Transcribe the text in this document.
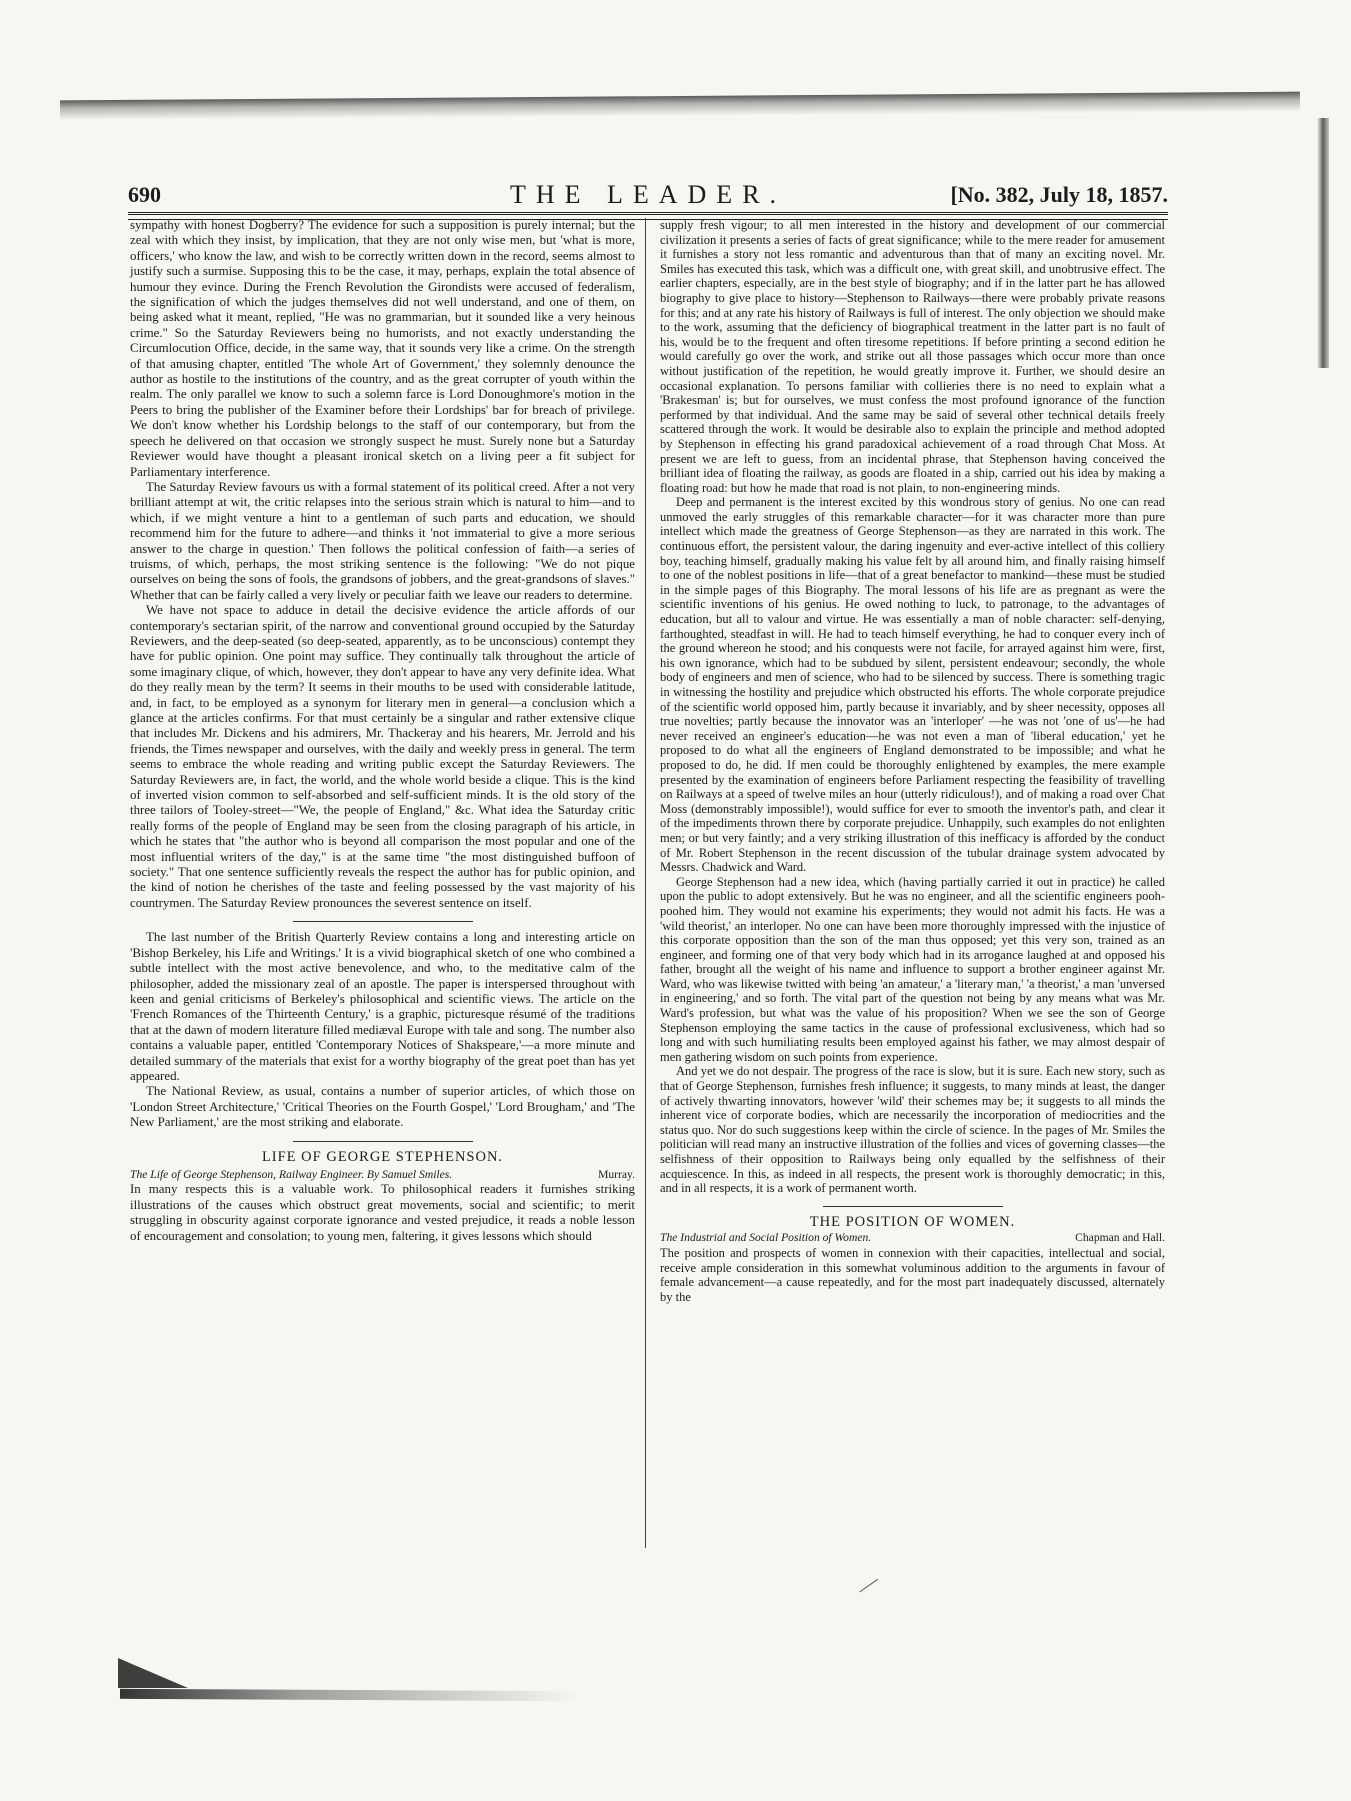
690	THE LEADER.	[No. 382, July 18, 1857.

sympathy with honest Dogberry? The evidence for such a supposition is purely internal; but the zeal with which they insist, by implication, that they are not only wise men, but 'what is more, officers,' who know the law, and wish to be correctly written down in the record, seems almost to justify such a surmise. Supposing this to be the case, it may, perhaps, explain the total absence of humour they evince. During the French Revolution the Girondists were accused of federalism, the signification of which the judges themselves did not well understand, and one of them, on being asked what it meant, replied, "He was no grammarian, but it sounded like a very heinous crime." So the Saturday Reviewers being no humorists, and not exactly understanding the Circumlocution Office, decide, in the same way, that it sounds very like a crime. On the strength of that amusing chapter, entitled 'The whole Art of Government,' they solemnly denounce the author as hostile to the institutions of the country, and as the great corrupter of youth within the realm. The only parallel we know to such a solemn farce is Lord Donoughmore's motion in the Peers to bring the publisher of the Examiner before their Lordships' bar for breach of privilege. We don't know whether his Lordship belongs to the staff of our contemporary, but from the speech he delivered on that occasion we strongly suspect he must. Surely none but a Saturday Reviewer would have thought a pleasant ironical sketch on a living peer a fit subject for Parliamentary interference.

The Saturday Review favours us with a formal statement of its political creed. After a not very brilliant attempt at wit, the critic relapses into the serious strain which is natural to him—and to which, if we might venture a hint to a gentleman of such parts and education, we should recommend him for the future to adhere—and thinks it 'not immaterial to give a more serious answer to the charge in question.' Then follows the political confession of faith—a series of truisms, of which, perhaps, the most striking sentence is the following: "We do not pique ourselves on being the sons of fools, the grandsons of jobbers, and the great-grandsons of slaves." Whether that can be fairly called a very lively or peculiar faith we leave our readers to determine.

We have not space to adduce in detail the decisive evidence the article affords of our contemporary's sectarian spirit, of the narrow and conventional ground occupied by the Saturday Reviewers, and the deep-seated (so deep-seated, apparently, as to be unconscious) contempt they have for public opinion. One point may suffice. They continually talk throughout the article of some imaginary clique, of which, however, they don't appear to have any very definite idea. What do they really mean by the term? It seems in their mouths to be used with considerable latitude, and, in fact, to be employed as a synonym for literary men in general—a conclusion which a glance at the articles confirms. For that must certainly be a singular and rather extensive clique that includes Mr. Dickens and his admirers, Mr. Thackeray and his hearers, Mr. Jerrold and his friends, the Times newspaper and ourselves, with the daily and weekly press in general. The term seems to embrace the whole reading and writing public except the Saturday Reviewers. The Saturday Reviewers are, in fact, the world, and the whole world beside a clique. This is the kind of inverted vision common to self-absorbed and self-sufficient minds. It is the old story of the three tailors of Tooley-street—"We, the people of England," &c. What idea the Saturday critic really forms of the people of England may be seen from the closing paragraph of his article, in which he states that "the author who is beyond all comparison the most popular and one of the most influential writers of the day," is at the same time "the most distinguished buffoon of society." That one sentence sufficiently reveals the respect the author has for public opinion, and the kind of notion he cherishes of the taste and feeling possessed by the vast majority of his countrymen. The Saturday Review pronounces the severest sentence on itself.

The last number of the British Quarterly Review contains a long and interesting article on 'Bishop Berkeley, his Life and Writings.' It is a vivid biographical sketch of one who combined a subtle intellect with the most active benevolence, and who, to the meditative calm of the philosopher, added the missionary zeal of an apostle. The paper is interspersed throughout with keen and genial criticisms of Berkeley's philosophical and scientific views. The article on the 'French Romances of the Thirteenth Century,' is a graphic, picturesque résumé of the traditions that at the dawn of modern literature filled mediæval Europe with tale and song. The number also contains a valuable paper, entitled 'Contemporary Notices of Shakspeare,'—a more minute and detailed summary of the materials that exist for a worthy biography of the great poet than has yet appeared.

The National Review, as usual, contains a number of superior articles, of which those on 'London Street Architecture,' 'Critical Theories on the Fourth Gospel,' 'Lord Brougham,' and 'The New Parliament,' are the most striking and elaborate.

LIFE OF GEORGE STEPHENSON.
The Life of George Stephenson, Railway Engineer. By Samuel Smiles.	Murray.

In many respects this is a valuable work. To philosophical readers it furnishes striking illustrations of the causes which obstruct great movements, social and scientific; to merit struggling in obscurity against corporate ignorance and vested prejudice, it reads a noble lesson of encouragement and consolation; to young men, faltering, it gives lessons which should

supply fresh vigour; to all men interested in the history and development of our commercial civilization it presents a series of facts of great significance; while to the mere reader for amusement it furnishes a story not less romantic and adventurous than that of many an exciting novel. Mr. Smiles has executed this task, which was a difficult one, with great skill, and unobtrusive effect. The earlier chapters, especially, are in the best style of biography; and if in the latter part he has allowed biography to give place to history—Stephenson to Railways—there were probably private reasons for this; and at any rate his history of Railways is full of interest. The only objection we should make to the work, assuming that the deficiency of biographical treatment in the latter part is no fault of his, would be to the frequent and often tiresome repetitions. If before printing a second edition he would carefully go over the work, and strike out all those passages which occur more than once without justification of the repetition, he would greatly improve it. Further, we should desire an occasional explanation. To persons familiar with collieries there is no need to explain what a 'Brakesman' is; but for ourselves, we must confess the most profound ignorance of the function performed by that individual. And the same may be said of several other technical details freely scattered through the work. It would be desirable also to explain the principle and method adopted by Stephenson in effecting his grand paradoxical achievement of a road through Chat Moss. At present we are left to guess, from an incidental phrase, that Stephenson having conceived the brilliant idea of floating the railway, as goods are floated in a ship, carried out his idea by making a floating road: but how he made that road is not plain, to non-engineering minds.

Deep and permanent is the interest excited by this wondrous story of genius. No one can read unmoved the early struggles of this remarkable character—for it was character more than pure intellect which made the greatness of George Stephenson—as they are narrated in this work. The continuous effort, the persistent valour, the daring ingenuity and ever-active intellect of this colliery boy, teaching himself, gradually making his value felt by all around him, and finally raising himself to one of the noblest positions in life—that of a great benefactor to mankind—these must be studied in the simple pages of this Biography. The moral lessons of his life are as pregnant as were the scientific inventions of his genius. He owed nothing to luck, to patronage, to the advantages of education, but all to valour and virtue. He was essentially a man of noble character: self-denying, farthoughted, steadfast in will. He had to teach himself everything, he had to conquer every inch of the ground whereon he stood; and his conquests were not facile, for arrayed against him were, first, his own ignorance, which had to be subdued by silent, persistent endeavour; secondly, the whole body of engineers and men of science, who had to be silenced by success. There is something tragic in witnessing the hostility and prejudice which obstructed his efforts. The whole corporate prejudice of the scientific world opposed him, partly because it invariably, and by sheer necessity, opposes all true novelties; partly because the innovator was an 'interloper' —he was not 'one of us'—he had never received an engineer's education—he was not even a man of 'liberal education,' yet he proposed to do what all the engineers of England demonstrated to be impossible; and what he proposed to do, he did. If men could be thoroughly enlightened by examples, the mere example presented by the examination of engineers before Parliament respecting the feasibility of travelling on Railways at a speed of twelve miles an hour (utterly ridiculous!), and of making a road over Chat Moss (demonstrably impossible!), would suffice for ever to smooth the inventor's path, and clear it of the impediments thrown there by corporate prejudice. Unhappily, such examples do not enlighten men; or but very faintly; and a very striking illustration of this inefficacy is afforded by the conduct of Mr. Robert Stephenson in the recent discussion of the tubular drainage system advocated by Messrs. Chadwick and Ward.

George Stephenson had a new idea, which (having partially carried it out in practice) he called upon the public to adopt extensively. But he was no engineer, and all the scientific engineers pooh-poohed him. They would not examine his experiments; they would not admit his facts. He was a 'wild theorist,' an interloper. No one can have been more thoroughly impressed with the injustice of this corporate opposition than the son of the man thus opposed; yet this very son, trained as an engineer, and forming one of that very body which had in its arrogance laughed at and opposed his father, brought all the weight of his name and influence to support a brother engineer against Mr. Ward, who was likewise twitted with being 'an amateur,' a 'literary man,' 'a theorist,' a man 'unversed in engineering,' and so forth. The vital part of the question not being by any means what was Mr. Ward's profession, but what was the value of his proposition? When we see the son of George Stephenson employing the same tactics in the cause of professional exclusiveness, which had so long and with such humiliating results been employed against his father, we may almost despair of men gathering wisdom on such points from experience.

And yet we do not despair. The progress of the race is slow, but it is sure. Each new story, such as that of George Stephenson, furnishes fresh influence; it suggests, to many minds at least, the danger of actively thwarting innovators, however 'wild' their schemes may be; it suggests to all minds the inherent vice of corporate bodies, which are necessarily the incorporation of mediocrities and the status quo. Nor do such suggestions keep within the circle of science. In the pages of Mr. Smiles the politician will read many an instructive illustration of the follies and vices of governing classes—the selfishness of their opposition to Railways being only equalled by the selfishness of their acquiescence. In this, as indeed in all respects, the present work is thoroughly democratic; in this, and in all respects, it is a work of permanent worth.

THE POSITION OF WOMEN.
The Industrial and Social Position of Women.	Chapman and Hall.

The position and prospects of women in connexion with their capacities, intellectual and social, receive ample consideration in this somewhat voluminous addition to the arguments in favour of female advancement—a cause repeatedly, and for the most part inadequately discussed, alternately by the
